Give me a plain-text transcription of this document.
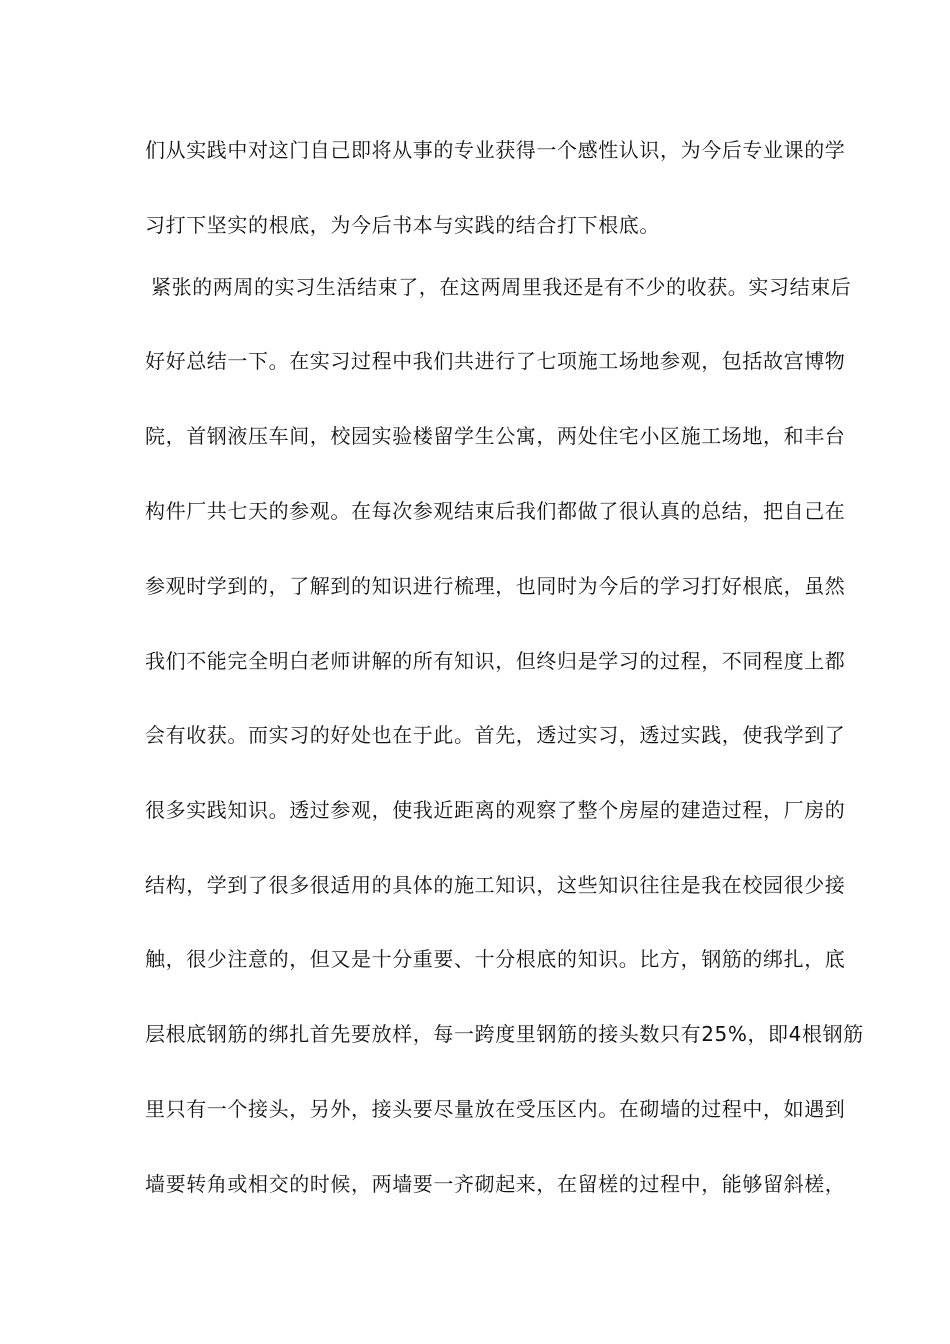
们从实践中对这门自己即将从事的专业获得一个感性认识，为今后专业课的学
习打下坚实的根底，为今后书本与实践的结合打下根底。
紧张的两周的实习生活结束了，在这两周里我还是有不少的收获。实习结束后
好好总结一下。在实习过程中我们共进行了七项施工场地参观，包括故宫博物
院，首钢液压车间，校园实验楼留学生公寓，两处住宅小区施工场地，和丰台
构件厂共七天的参观。在每次参观结束后我们都做了很认真的总结，把自己在
参观时学到的，了解到的知识进行梳理，也同时为今后的学习打好根底，虽然
我们不能完全明白老师讲解的所有知识，但终归是学习的过程，不同程度上都
会有收获。而实习的好处也在于此。首先，透过实习，透过实践，使我学到了
很多实践知识。透过参观，使我近距离的观察了整个房屋的建造过程，厂房的
结构，学到了很多很适用的具体的施工知识，这些知识往往是我在校园很少接
触，很少注意的，但又是十分重要、十分根底的知识。比方，钢筋的绑扎，底
层根底钢筋的绑扎首先要放样，每一跨度里钢筋的接头数只有25%，即4根钢筋
里只有一个接头，另外，接头要尽量放在受压区内。在砌墙的过程中，如遇到
墙要转角或相交的时候，两墙要一齐砌起来，在留槎的过程中，能够留斜槎，
